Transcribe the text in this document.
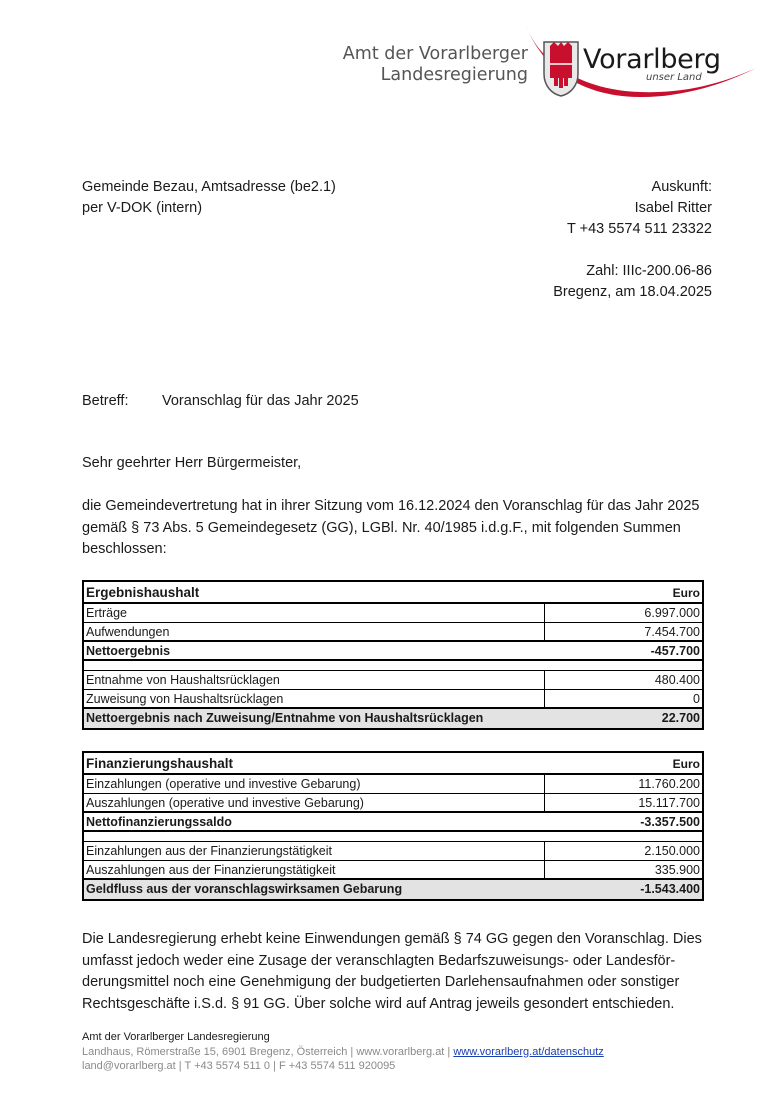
Amt der Vorarlberger
Landesregierung Vorarlberg
unser Land
Gemeinde Bezau, Amtsadresse (be2.1)
per V-DOK (intern)
Auskunft:
Isabel Ritter
T +43 5574 511 23322
Zahl: IIIc-200.06-86
Bregenz, am 18.04.2025
Betreff: Voranschlag für das Jahr 2025
Sehr geehrter Herr Bürgermeister,
die Gemeindevertretung hat in ihrer Sitzung vom 16.12.2024 den Voranschlag für das Jahr 2025 gemäß § 73 Abs. 5 Gemeindegesetz (GG), LGBl. Nr. 40/1985 i.d.g.F., mit folgenden Summen beschlossen:
Ergebnishaushalt	Euro
Erträge	6.997.000
Aufwendungen	7.454.700
Nettoergebnis	-457.700
Entnahme von Haushaltsrücklagen	480.400
Zuweisung von Haushaltsrücklagen	0
Nettoergebnis nach Zuweisung/Entnahme von Haushaltsrücklagen	22.700
Finanzierungshaushalt	Euro
Einzahlungen (operative und investive Gebarung)	11.760.200
Auszahlungen (operative und investive Gebarung)	15.117.700
Nettofinanzierungssaldo	-3.357.500
Einzahlungen aus der Finanzierungstätigkeit	2.150.000
Auszahlungen aus der Finanzierungstätigkeit	335.900
Geldfluss aus der voranschlagswirksamen Gebarung	-1.543.400
Die Landesregierung erhebt keine Einwendungen gemäß § 74 GG gegen den Voranschlag. Dies umfasst jedoch weder eine Zusage der veranschlagten Bedarfszuweisungs- oder Landesför-derungsmittel noch eine Genehmigung der budgetierten Darlehensaufnahmen oder sonstiger Rechtsgeschäfte i.S.d. § 91 GG. Über solche wird auf Antrag jeweils gesondert entschieden.
Amt der Vorarlberger Landesregierung
Landhaus, Römerstraße 15, 6901 Bregenz, Österreich | www.vorarlberg.at | www.vorarlberg.at/datenschutz
land@vorarlberg.at | T +43 5574 511 0 | F +43 5574 511 920095
